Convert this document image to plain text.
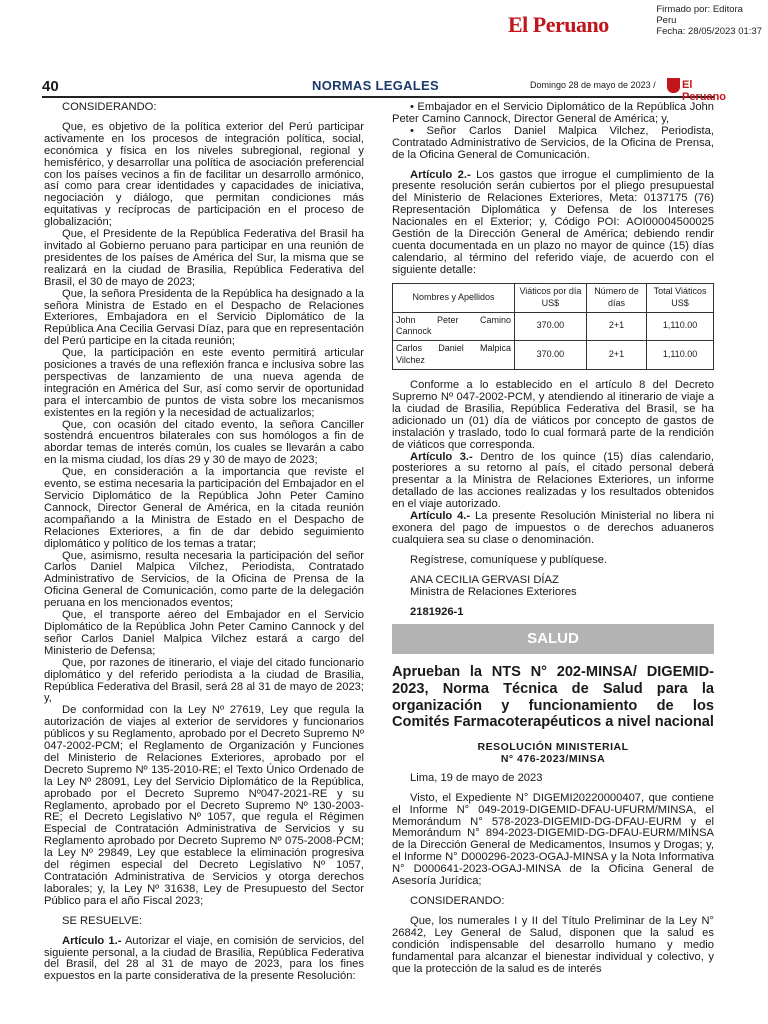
Firmado por: Editora
Peru
Fecha: 28/05/2023 01:37
El Peruano
40	NORMAS LEGALES	Domingo 28 de mayo de 2023 / El Peruano

CONSIDERANDO:

Que, es objetivo de la política exterior del Perú participar activamente en los procesos de integración política, social, económica y física en los niveles subregional, regional y hemisférico, y desarrollar una política de asociación preferencial con los países vecinos a fin de facilitar un desarrollo armónico, así como para crear identidades y capacidades de iniciativa, negociación y diálogo, que permitan condiciones más equitativas y recíprocas de participación en el proceso de globalización;

Que, el Presidente de la República Federativa del Brasil ha invitado al Gobierno peruano para participar en una reunión de presidentes de los países de América del Sur, la misma que se realizará en la ciudad de Brasilia, República Federativa del Brasil, el 30 de mayo de 2023;

Que, la señora Presidenta de la República ha designado a la señora Ministra de Estado en el Despacho de Relaciones Exteriores, Embajadora en el Servicio Diplomático de la República Ana Cecilia Gervasi Díaz, para que en representación del Perú participe en la citada reunión;

Que, la participación en este evento permitirá articular posiciones a través de una reflexión franca e inclusiva sobre las perspectivas de lanzamiento de una nueva agenda de integración en América del Sur, así como servir de oportunidad para el intercambio de puntos de vista sobre los mecanismos existentes en la región y la necesidad de actualizarlos;

Que, con ocasión del citado evento, la señora Canciller sostendrá encuentros bilaterales con sus homólogos a fin de abordar temas de interés común, los cuales se llevarán a cabo en la misma ciudad, los días 29 y 30 de mayo de 2023;

Que, en consideración a la importancia que reviste el evento, se estima necesaria la participación del Embajador en el Servicio Diplomático de la República John Peter Camino Cannock, Director General de América, en la citada reunión acompañando a la Ministra de Estado en el Despacho de Relaciones Exteriores, a fin de dar debido seguimiento diplomático y político de los temas a tratar;

Que, asimismo, resulta necesaria la participación del señor Carlos Daniel Malpica Vilchez, Periodista, Contratado Administrativo de Servicios, de la Oficina de Prensa de la Oficina General de Comunicación, como parte de la delegación peruana en los mencionados eventos;

Que, el transporte aéreo del Embajador en el Servicio Diplomático de la República John Peter Camino Cannock y del señor Carlos Daniel Malpica Vilchez estará a cargo del Ministerio de Defensa;

Que, por razones de itinerario, el viaje del citado funcionario diplomático y del referido periodista a la ciudad de Brasilia, República Federativa del Brasil, será 28 al 31 de mayo de 2023; y,

De conformidad con la Ley Nº 27619, Ley que regula la autorización de viajes al exterior de servidores y funcionarios públicos y su Reglamento, aprobado por el Decreto Supremo Nº 047-2002-PCM; el Reglamento de Organización y Funciones del Ministerio de Relaciones Exteriores, aprobado por el Decreto Supremo Nº 135-2010-RE; el Texto Único Ordenado de la Ley Nº 28091, Ley del Servicio Diplomático de la República, aprobado por el Decreto Supremo Nº047-2021-RE y su Reglamento, aprobado por el Decreto Supremo Nº 130-2003-RE; el Decreto Legislativo Nº 1057, que regula el Régimen Especial de Contratación Administrativa de Servicios y su Reglamento aprobado por Decreto Supremo Nº 075-2008-PCM; la Ley Nº 29849, Ley que establece la eliminación progresiva del régimen especial del Decreto Legislativo Nº 1057, Contratación Administrativa de Servicios y otorga derechos laborales; y, la Ley Nº 31638, Ley de Presupuesto del Sector Público para el año Fiscal 2023;

SE RESUELVE:

Artículo 1.- Autorizar el viaje, en comisión de servicios, del siguiente personal, a la ciudad de Brasilia, República Federativa del Brasil, del 28 al 31 de mayo de 2023, para los fines expuestos en la parte considerativa de la presente Resolución:

• Embajador en el Servicio Diplomático de la República John Peter Camino Cannock, Director General de América; y,

• Señor Carlos Daniel Malpica Vilchez, Periodista, Contratado Administrativo de Servicios, de la Oficina de Prensa, de la Oficina General de Comunicación.

Artículo 2.- Los gastos que irrogue el cumplimiento de la presente resolución serán cubiertos por el pliego presupuestal del Ministerio de Relaciones Exteriores, Meta: 0137175 (76) Representación Diplomática y Defensa de los Intereses Nacionales en el Exterior; y, Código POI: AOI00004500025 Gestión de la Dirección General de América; debiendo rendir cuenta documentada en un plazo no mayor de quince (15) días calendario, al término del referido viaje, de acuerdo con el siguiente detalle:

Nombres y Apellidos	Viáticos por día US$	Número de días	Total Viáticos US$
John Peter Camino Cannock	370.00	2+1	1,110.00
Carlos Daniel Malpica Vilchez	370.00	2+1	1,110.00

Conforme a lo establecido en el artículo 8 del Decreto Supremo Nº 047-2002-PCM, y atendiendo al itinerario de viaje a la ciudad de Brasilia, República Federativa del Brasil, se ha adicionado un (01) día de viáticos por concepto de gastos de instalación y traslado, todo lo cual formará parte de la rendición de viáticos que corresponda.

Artículo 3.- Dentro de los quince (15) días calendario, posteriores a su retorno al país, el citado personal deberá presentar a la Ministra de Relaciones Exteriores, un informe detallado de las acciones realizadas y los resultados obtenidos en el viaje autorizado.

Artículo 4.- La presente Resolución Ministerial no libera ni exonera del pago de impuestos o de derechos aduaneros cualquiera sea su clase o denominación.

Regístrese, comuníquese y publíquese.

ANA CECILIA GERVASI DÍAZ

Ministra de Relaciones Exteriores

2181926-1

SALUD
Aprueban la NTS N° 202-MINSA/ DIGEMID-2023, Norma Técnica de Salud para la organización y funcionamiento de los Comités Farmacoterapéuticos a nivel nacional
RESOLUCIÓN MINISTERIAL
N° 476-2023/MINSA

Lima, 19 de mayo de 2023

Visto, el Expediente N° DIGEMI20220000407, que contiene el Informe N° 049-2019-DIGEMID-DFAU-UFURM/MINSA, el Memorándum N° 578-2023-DIGEMID-DG-DFAU-EURM y el Memorándum N° 894-2023-DIGEMID-DG-DFAU-EURM/MINSA de la Dirección General de Medicamentos, Insumos y Drogas; y, el Informe N° D000296-2023-OGAJ-MINSA y la Nota Informativa N° D000641-2023-OGAJ-MINSA de la Oficina General de Asesoría Jurídica;

CONSIDERANDO:

Que, los numerales I y II del Título Preliminar de la Ley N° 26842, Ley General de Salud, disponen que la salud es condición indispensable del desarrollo humano y medio fundamental para alcanzar el bienestar individual y colectivo, y que la protección de la salud es de interés
